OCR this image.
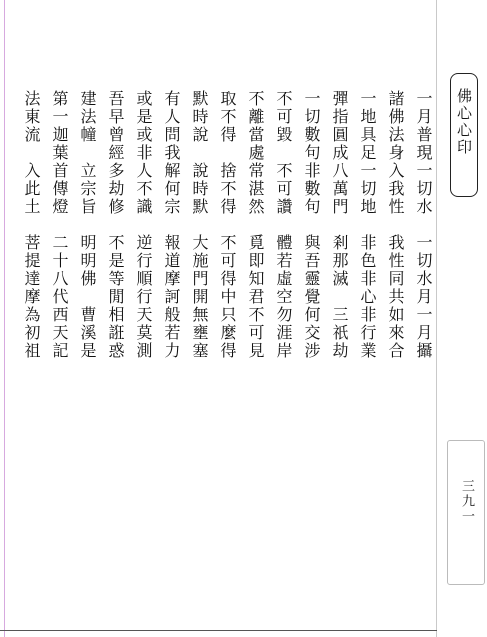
一月普現一切水　一切水月一月攝
諸佛法身入我性　我性同共如來合
一地具足一切地　非色非心非行業
彈指圓成八萬門　剎那滅　三祇劫
一切數句非數句　與吾靈覺何交涉
不可毀　不可讚　體若虛空勿涯岸
不離當處常湛然　覓即知君不可見
取不得　捨不得　不可得中只麼得
默時說　說時默　大施門開無壅塞
有人問我解何宗　報道摩訶般若力
或是或非人不識　逆行順行天莫測
吾早曾經多劫修　不是等閒相誑惑
建法幢　立宗旨　明明佛　曹溪是
第一迦葉首傳燈　二十八代西天記
法東流　入此土　菩提達摩為初祖	佛心心印
三九一
